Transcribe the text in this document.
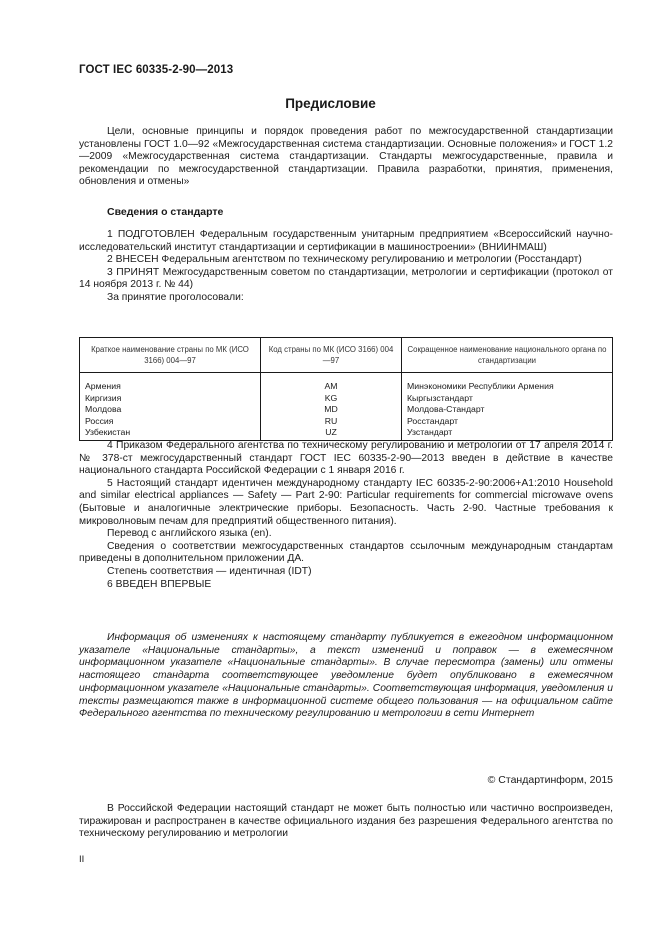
ГОСТ IEC 60335-2-90—2013
Предисловие

Цели, основные принципы и порядок проведения работ по межгосударственной стандартизации установлены ГОСТ 1.0—92 «Межгосударственная система стандартизации. Основные положения» и ГОСТ 1.2—2009 «Межгосударственная система стандартизации. Стандарты межгосударственные, правила и рекомендации по межгосударственной стандартизации. Правила разработки, принятия, применения, обновления и отмены»

Сведения о стандарте

1 ПОДГОТОВЛЕН Федеральным государственным унитарным предприятием «Всероссийский научно-исследовательский институт стандартизации и сертификации в машиностроении» (ВНИИНМАШ)

2 ВНЕСЕН Федеральным агентством по техническому регулированию и метрологии (Росстандарт)

3 ПРИНЯТ Межгосударственным советом по стандартизации, метрологии и сертификации (протокол от 14 ноября 2013 г. № 44)

За принятие проголосовали:

Краткое наименование страны по МК (ИСО 3166) 004—97	Код страны по МК (ИСО 3166) 004—97	Сокращенное наименование национального органа по стандартизации

Армения	AM	Минэкономики Республики Армения
Киргизия	KG	Кыргызстандарт
Молдова	MD	Молдова-Стандарт
Россия	RU	Росстандарт
Узбекистан	UZ	Узстандарт

4 Приказом Федерального агентства по техническому регулированию и метрологии от 17 апреля 2014 г. № 378-ст межгосударственный стандарт ГОСТ IEC 60335-2-90—2013 введен в действие в качестве национального стандарта Российской Федерации с 1 января 2016 г.

5 Настоящий стандарт идентичен международному стандарту IEC 60335-2-90:2006+A1:2010 Household and similar electrical appliances — Safety — Part 2-90: Particular requirements for commercial microwave ovens (Бытовые и аналогичные электрические приборы. Безопасность. Часть 2-90. Частные требования к микроволновым печам для предприятий общественного питания).

Перевод с английского языка (en).

Сведения о соответствии межгосударственных стандартов ссылочным международным стандартам приведены в дополнительном приложении ДА.

Степень соответствия — идентичная (IDT)

6 ВВЕДЕН ВПЕРВЫЕ

Информация об изменениях к настоящему стандарту публикуется в ежегодном информационном указателе «Национальные стандарты», а текст изменений и поправок — в ежемесячном информационном указателе «Национальные стандарты». В случае пересмотра (замены) или отмены настоящего стандарта соответствующее уведомление будет опубликовано в ежемесячном информационном указателе «Национальные стандарты». Соответствующая информация, уведомления и тексты размещаются также в информационной системе общего пользования — на официальном сайте Федерального агентства по техническому регулированию и метрологии в сети Интернет

© Стандартинформ, 2015

В Российской Федерации настоящий стандарт не может быть полностью или частично воспроизведен, тиражирован и распространен в качестве официального издания без разрешения Федерального агентства по техническому регулированию и метрологии

II
